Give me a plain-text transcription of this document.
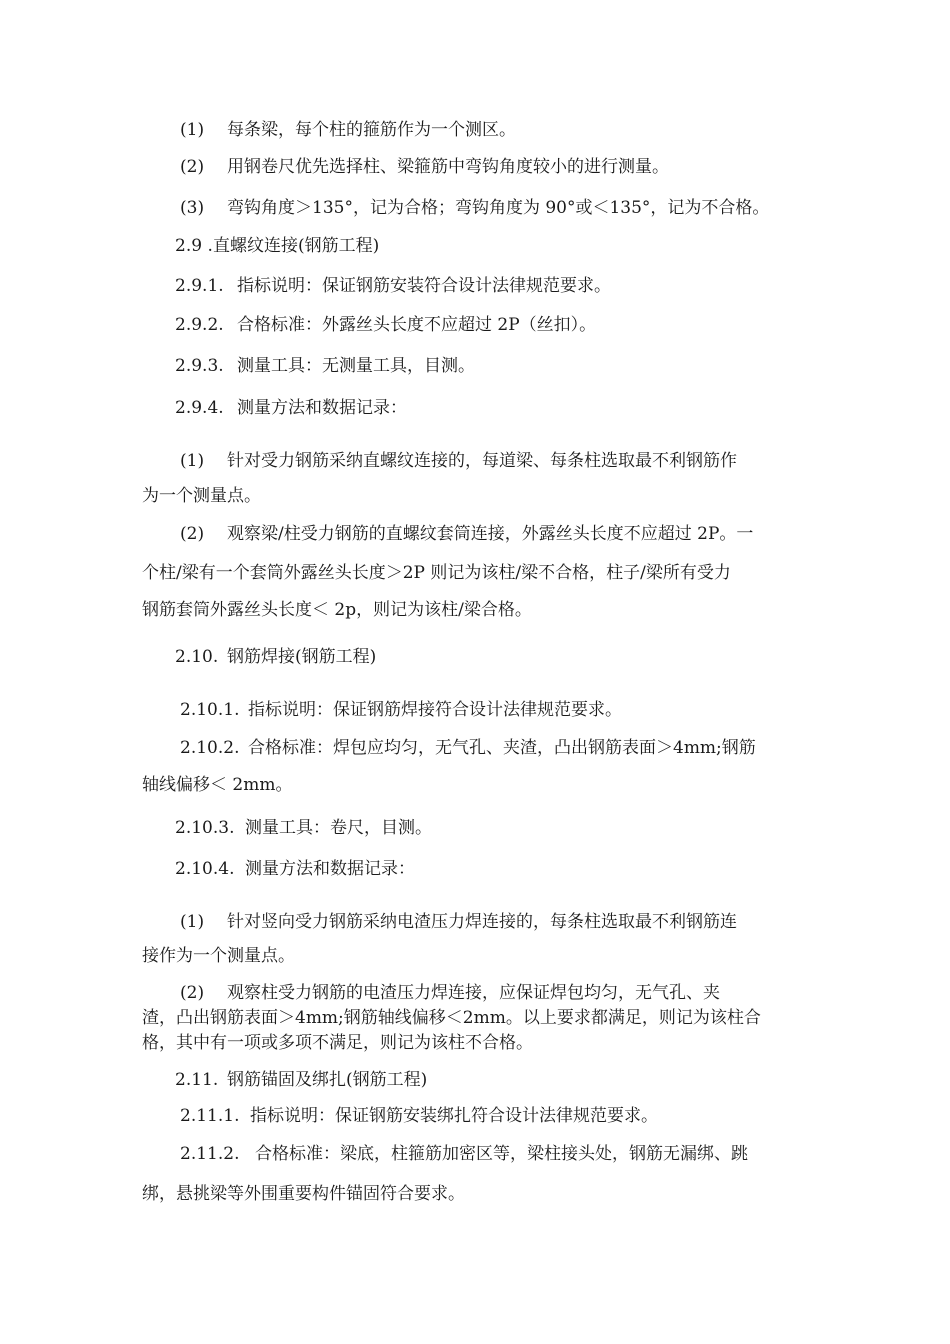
(1) 每条梁，每个柱的箍筋作为一个测区。

(2) 用钢卷尺优先选择柱、梁箍筋中弯钩角度较小的进行测量。

(3) 弯钩角度＞135°，记为合格；弯钩角度为 90°或＜135°，记为不合格。

2.9 .直螺纹连接(钢筋工程)

2.9.1. 指标说明：保证钢筋安装符合设计法律规范要求。

2.9.2. 合格标准：外露丝头长度不应超过 2P（丝扣）。

2.9.3. 测量工具：无测量工具，目测。

2.9.4. 测量方法和数据记录：

(1) 针对受力钢筋采纳直螺纹连接的，每道梁、每条柱选取最不利钢筋作

为一个测量点。

(2) 观察梁/柱受力钢筋的直螺纹套筒连接，外露丝头长度不应超过 2P。一

个柱/梁有一个套筒外露丝头长度＞2P 则记为该柱/梁不合格，柱子/梁所有受力

钢筋套筒外露丝头长度＜ 2p，则记为该柱/梁合格。

2.10. 钢筋焊接(钢筋工程)

2.10.1. 指标说明：保证钢筋焊接符合设计法律规范要求。

2.10.2. 合格标准：焊包应均匀，无气孔、夹渣，凸出钢筋表面＞4mm;钢筋

轴线偏移＜ 2mm。

2.10.3. 测量工具：卷尺，目测。

2.10.4. 测量方法和数据记录：

(1) 针对竖向受力钢筋采纳电渣压力焊连接的，每条柱选取最不利钢筋连

接作为一个测量点。

(2) 观察柱受力钢筋的电渣压力焊连接，应保证焊包均匀，无气孔、夹

渣，凸出钢筋表面＞4mm;钢筋轴线偏移＜2mm。以上要求都满足，则记为该柱合

格，其中有一项或多项不满足，则记为该柱不合格。

2.11. 钢筋锚固及绑扎(钢筋工程)

2.11.1. 指标说明：保证钢筋安装绑扎符合设计法律规范要求。

2.11.2. 合格标准：梁底，柱箍筋加密区等，梁柱接头处，钢筋无漏绑、跳

绑，悬挑梁等外围重要构件锚固符合要求。
